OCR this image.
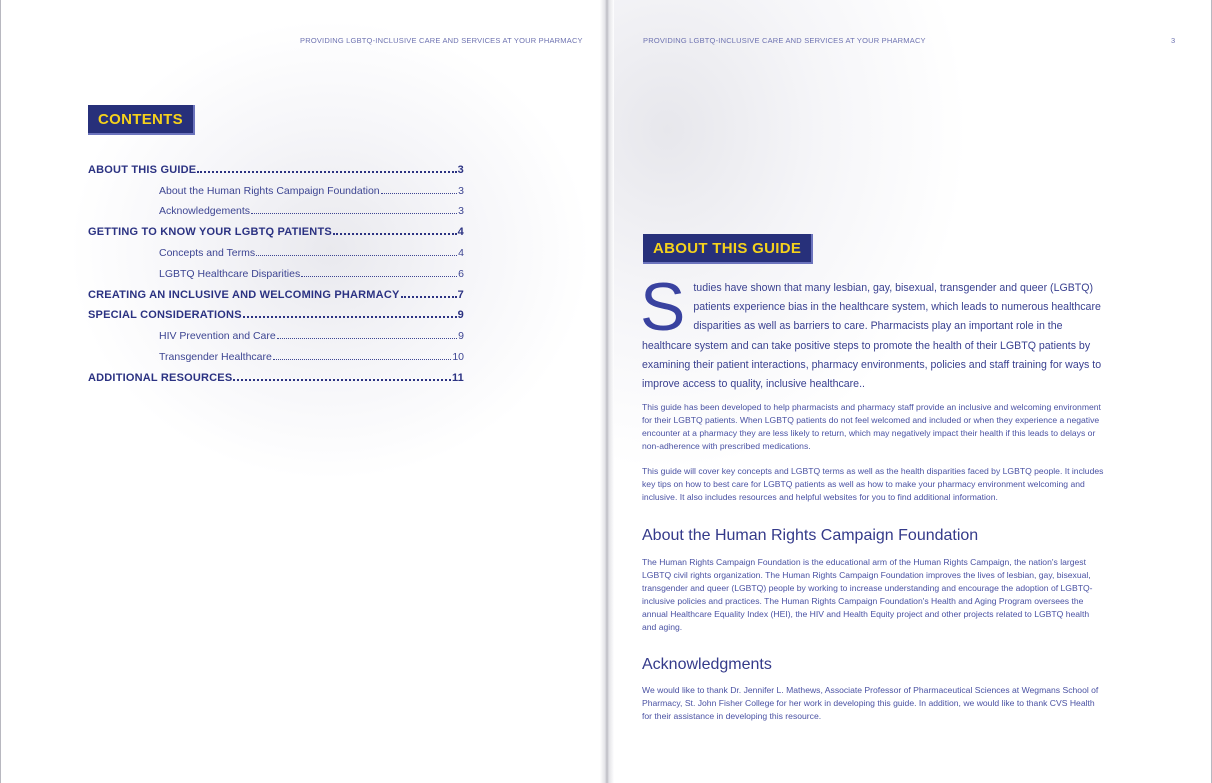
PROVIDING LGBTQ-INCLUSIVE CARE AND SERVICES AT YOUR PHARMACY
CONTENTS
ABOUT THIS GUIDE	3
About the Human Rights Campaign Foundation	3
Acknowledgements	3
GETTING TO KNOW YOUR LGBTQ PATIENTS	4
Concepts and Terms	4
LGBTQ Healthcare Disparities	6
CREATING AN INCLUSIVE AND WELCOMING PHARMACY	7
SPECIAL CONSIDERATIONS	9
HIV Prevention and Care	9
Transgender Healthcare	10
ADDITIONAL RESOURCES	11
PROVIDING LGBTQ-INCLUSIVE CARE AND SERVICES AT YOUR PHARMACY	3
ABOUT THIS GUIDE
S tudies have shown that many lesbian, gay, bisexual, transgender and queer (LGBTQ) patients experience bias in the healthcare system, which leads to numerous healthcare disparities as well as barriers to care. Pharmacists play an important role in the healthcare system and can take positive steps to promote the health of their LGBTQ patients by examining their patient interactions, pharmacy environments, policies and staff training for ways to improve access to quality, inclusive healthcare..
This guide has been developed to help pharmacists and pharmacy staff provide an inclusive and welcoming environment for their LGBTQ patients. When LGBTQ patients do not feel welcomed and included or when they experience a negative encounter at a pharmacy they are less likely to return, which may negatively impact their health if this leads to delays or non-adherence with prescribed medications.
This guide will cover key concepts and LGBTQ terms as well as the health disparities faced by LGBTQ people. It includes key tips on how to best care for LGBTQ patients as well as how to make your pharmacy environment welcoming and inclusive. It also includes resources and helpful websites for you to find additional information.
About the Human Rights Campaign Foundation
The Human Rights Campaign Foundation is the educational arm of the Human Rights Campaign, the nation's largest LGBTQ civil rights organization. The Human Rights Campaign Foundation improves the lives of lesbian, gay, bisexual, transgender and queer (LGBTQ) people by working to increase understanding and encourage the adoption of LGBTQ-inclusive policies and practices. The Human Rights Campaign Foundation's Health and Aging Program oversees the annual Healthcare Equality Index (HEI), the HIV and Health Equity project and other projects related to LGBTQ health and aging.
Acknowledgments
We would like to thank Dr. Jennifer L. Mathews, Associate Professor of Pharmaceutical Sciences at Wegmans School of Pharmacy, St. John Fisher College for her work in developing this guide. In addition, we would like to thank CVS Health for their assistance in developing this resource.
